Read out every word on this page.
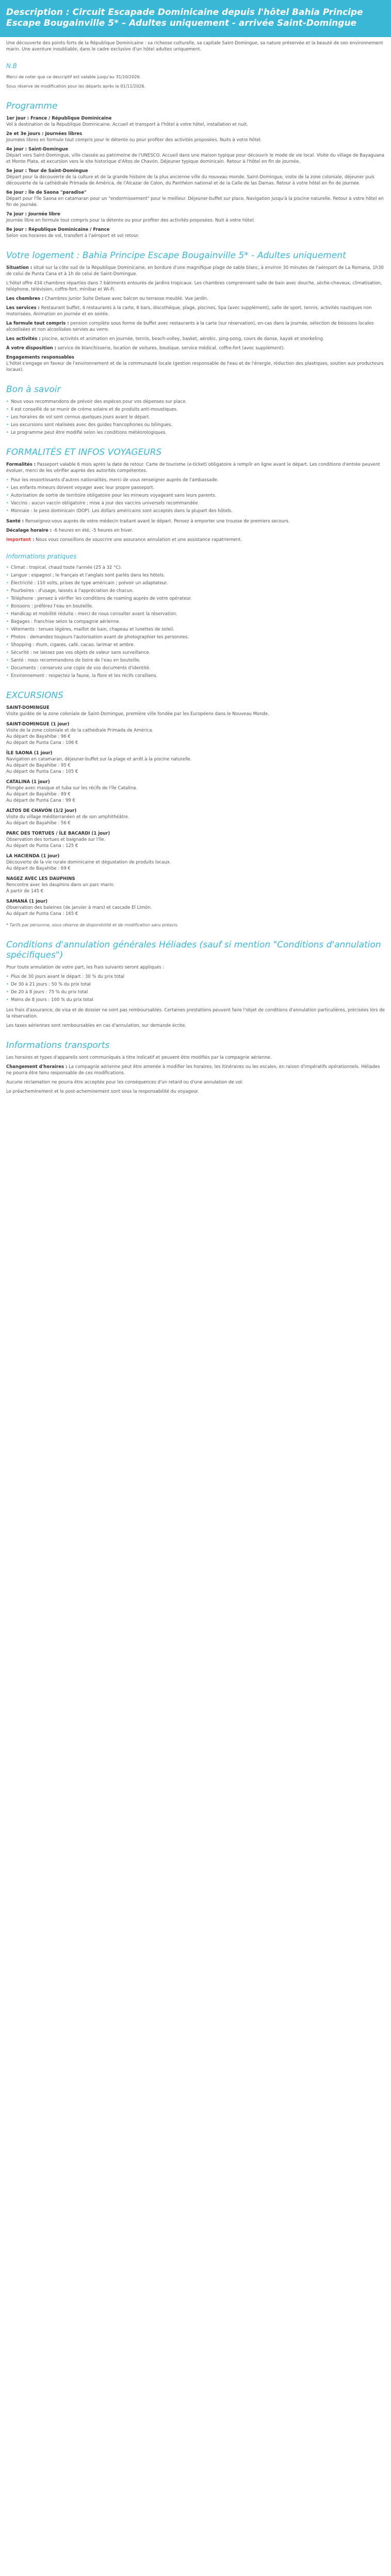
Description : Circuit Escapade Dominicaine depuis l'hôtel Bahia Principe Escape Bougainville 5* – Adultes uniquement - arrivée Saint-Domingue

Une découverte des points forts de la République Dominicaine : sa richesse culturelle, sa capitale Saint-Domingue, sa nature préservée et la beauté de son environnement marin. Une aventure inoubliable, dans le cadre exclusive d'un hôtel adultes uniquement.

N.B

Merci de noter que ce descriptif est valable jusqu'au 31/10/2026.

Sous réserve de modification pour les départs après le 01/11/2026.

Programme

1er jour : France / République Dominicaine
Vol à destination de la République Dominicaine. Accueil et transport à l'hôtel à votre hôtel, installation et nuit.

2e et 3e jours : Journées libres
Journées libres en formule tout compris pour le détente ou pour profiter des activités proposées. Nuits à votre hôtel.

4e jour : Saint-Domingue
Départ vers Saint-Domingue, ville classée au patrimoine de l'UNESCO. Accueil dans une maison typique pour découvrir le mode de vie local. Visite du village de Bayaguana et Monte Plata, et excursion vers le site historique d'Altos de Chavón. Déjeuner typique dominicain. Retour à l'hôtel en fin de journée.

5e jour : Tour de Saint-Domingue
Départ pour la découverte de la culture et de la grande histoire de la plus ancienne ville du nouveau monde. Saint-Domingue, visite de la zone coloniale, déjeuner puis découverte de la cathédrale Primada de América, de l'Alcazar de Colon, du Panthéon national et de la Calle de las Damas. Retour à votre hôtel en fin de journée.

6e jour : Île de Saona "paradise"
Départ pour l'île Saona en catamaran pour un "endormissement" pour le meilleur. Déjeuner-buffet sur place. Navigation jusqu'à la piscine naturelle. Retour à votre hôtel en fin de journée.

7e jour : Journée libre
Journée libre en formule tout compris pour la détente ou pour profiter des activités proposées. Nuit à votre hôtel.

8e jour : République Dominicaine / France
Selon vos horaires de vol, transfert à l'aéroport et vol retour.

Votre logement : Bahia Principe Escape Bougainville 5* - Adultes uniquement

Situation : situé sur la côte sud de la République Dominicaine, en bordure d'une magnifique plage de sable blanc, à environ 30 minutes de l'aéroport de La Romana, 1h30 de celui de Punta Cana et à 1h de celui de Saint-Domingue.

L'hôtel offre 434 chambres réparties dans 7 bâtiments entourés de jardins tropicaux. Les chambres comprennent salle de bain avec douche, sèche-cheveux, climatisation, téléphone, télévision, coffre-fort, minibar et Wi-Fi.

Les chambres : Chambres Junior Suite Deluxe avec balcon ou terrasse meublé. Vue jardin.

Les services : Restaurant buffet, 4 restaurants à la carte, 6 bars, discothèque, plage, piscines, Spa (avec supplément), salle de sport, tennis, activités nautiques non motorisées. Animation en journée et en soirée.

La formule tout compris : pension complète sous forme de buffet avec restaurants à la carte (sur réservation), en-cas dans la journée, sélection de boissons locales alcoolisées et non alcoolisées servies au verre.

Les activités : piscine, activités et animation en journée, tennis, beach-volley, basket, aérobic, ping-pong, cours de danse, kayak et snorkeling.

À votre disposition : service de blanchisserie, location de voitures, boutique, service médical, coffre-fort (avec supplément).

Engagements responsables
L'hôtel s'engage en faveur de l'environnement et de la communauté locale (gestion responsable de l'eau et de l'énergie, réduction des plastiques, soutien aux producteurs locaux).

Bon à savoir
• Nous vous recommandons de prévoir des espèces pour vos dépenses sur place.
• Il est conseillé de se munir de crème solaire et de produits anti-moustiques.
• Les horaires de vol sont connus quelques jours avant le départ.
• Les excursions sont réalisées avec des guides francophones ou bilingues.
• Le programme peut être modifié selon les conditions météorologiques.
FORMALITÉS ET INFOS VOYAGEURS

Formalités : Passeport valable 6 mois après la date de retour. Carte de tourisme (e-ticket) obligatoire à remplir en ligne avant le départ. Les conditions d'entrée peuvent évoluer, merci de les vérifier auprès des autorités compétentes.

• Pour les ressortissants d'autres nationalités, merci de vous renseigner auprès de l'ambassade.
• Les enfants mineurs doivent voyager avec leur propre passeport.
• Autorisation de sortie de territoire obligatoire pour les mineurs voyageant sans leurs parents.
• Vaccins : aucun vaccin obligatoire ; mise à jour des vaccins universels recommandée.
• Monnaie : le peso dominicain (DOP). Les dollars américains sont acceptés dans la plupart des hôtels.

Santé : Renseignez-vous auprès de votre médecin traitant avant le départ. Pensez à emporter une trousse de premiers secours.

Décalage horaire : -6 heures en été, -5 heures en hiver.

Important : Nous vous conseillons de souscrire une assurance annulation et une assistance rapatriement.

Informations pratiques
• Climat : tropical, chaud toute l'année (25 à 32 °C).
• Langue : espagnol ; le français et l'anglais sont parlés dans les hôtels.
• Électricité : 110 volts, prises de type américain ; prévoir un adaptateur.
• Pourboires : d'usage, laissés à l'appréciation de chacun.
• Téléphone : pensez à vérifier les conditions de roaming auprès de votre opérateur.
• Boissons : préférez l'eau en bouteille.
• Handicap et mobilité réduite : merci de nous consulter avant la réservation.
• Bagages : franchise selon la compagnie aérienne.
• Vêtements : tenues légères, maillot de bain, chapeau et lunettes de soleil.
• Photos : demandez toujours l'autorisation avant de photographier les personnes.
• Shopping : rhum, cigares, café, cacao, larimar et ambre.
• Sécurité : ne laissez pas vos objets de valeur sans surveillance.
• Santé : nous recommandons de boire de l'eau en bouteille.
• Documents : conservez une copie de vos documents d'identité.
• Environnement : respectez la faune, la flore et les récifs coralliens.
EXCURSIONS

SAINT-DOMINGUE
Visite guidée de la zone coloniale de Saint-Domingue, première ville fondée par les Européens dans le Nouveau Monde.

SAINT-DOMINGUE (1 jour)
Visite de la zone coloniale et de la cathédrale Primada de América.
Au départ de Bayahibe : 96 €
Au départ de Punta Cana : 106 €
ÎLE SAONA (1 jour)
Navigation en catamaran, déjeuner-buffet sur la plage et arrêt à la piscine naturelle.
Au départ de Bayahibe : 95 €
Au départ de Punta Cana : 105 €
CATALINA (1 jour)
Plongée avec masque et tuba sur les récifs de l'île Catalina.
Au départ de Bayahibe : 89 €
Au départ de Punta Cana : 99 €
ALTOS DE CHAVÓN (1/2 jour)
Visite du village méditerranéen et de son amphithéâtre.
Au départ de Bayahibe : 56 €
PARC DES TORTUES / ÎLE BACARDI (1 jour)
Observation des tortues et baignade sur l'île.
Au départ de Punta Cana : 125 €
LA HACIENDA (1 jour)
Découverte de la vie rurale dominicaine et dégustation de produits locaux.
Au départ de Bayahibe : 69 €
NAGEZ AVEC LES DAUPHINS
Rencontre avec les dauphins dans un parc marin.
À partir de 145 €
SAMANÁ (1 jour)
Observation des baleines (de janvier à mars) et cascade El Limón.
Au départ de Punta Cana : 165 €

* Tarifs par personne, sous réserve de disponibilité et de modification sans préavis.

Conditions d'annulation générales Héliades (sauf si mention "Conditions d'annulation spécifiques")

Pour toute annulation de votre part, les frais suivants seront appliqués :

• Plus de 30 jours avant le départ : 30 % du prix total
• De 30 à 21 jours : 50 % du prix total
• De 20 à 8 jours : 75 % du prix total
• Moins de 8 jours : 100 % du prix total

Les frais d'assurance, de visa et de dossier ne sont pas remboursables. Certaines prestations peuvent faire l'objet de conditions d'annulation particulières, précisées lors de la réservation.

Les taxes aériennes sont remboursables en cas d'annulation, sur demande écrite.

Informations transports

Les horaires et types d'appareils sont communiqués à titre indicatif et peuvent être modifiés par la compagnie aérienne.

Changement d'horaires : La compagnie aérienne peut être amenée à modifier les horaires, les itinéraires ou les escales, en raison d'impératifs opérationnels. Héliades ne pourra être tenu responsable de ces modifications.

Aucune réclamation ne pourra être acceptée pour les conséquences d'un retard ou d'une annulation de vol.

Le préacheminement et le post-acheminement sont sous la responsabilité du voyageur.
